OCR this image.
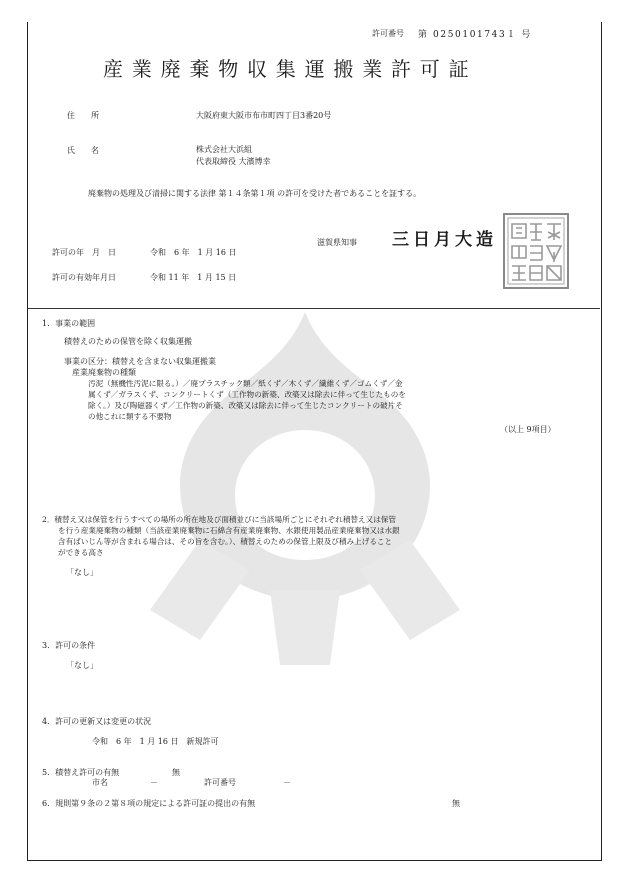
許可番号 第 0250101743１ 号
産業廃棄物収集運搬業許可証
住　　所	大阪府東大阪市布市町四丁目3番20号
氏　　名	株式会社大浜組
代表取締役 大濱博幸
廃棄物の処理及び清掃に関する法律 第１４条第１項 の許可を受けた者であることを証する。
滋賀県知事 三日月大造
許可の年　月　日	令和　6 年　1 月 16 日
許可の有効年月日	令和 11 年　1 月 15 日
1．事業の範囲
積替えのための保管を除く収集運搬
事業の区分：積替えを含まない収集運搬業
産業廃棄物の種類
汚泥（無機性汚泥に限る。）／廃プラスチック類／紙くず／木くず／繊維くず／ゴムくず／金
属くず／ガラスくず、コンクリートくず（工作物の新築、改築又は除去に伴って生じたものを
除く。）及び陶磁器くず／工作物の新築、改築又は除去に伴って生じたコンクリートの破片そ
の他これに類する不要物
（以上 9項目）
2．積替え又は保管を行うすべての場所の所在地及び面積並びに当該場所ごとにそれぞれ積替え又は保管
を行う産業廃棄物の種類（当該産業廃棄物に石綿含有産業廃棄物、水銀使用製品産業廃棄物又は水銀
含有ばいじん等が含まれる場合は、その旨を含む。）、積替えのための保管上限及び積み上げること
ができる高さ
「なし」
3．許可の条件
「なし」
4．許可の更新又は変更の状況
令和　6 年　1 月 16 日　新規許可
5．積替え許可の有無	無
市名	－	許可番号	－
6．規則第９条の２第８項の規定による許可証の提出の有無	無
